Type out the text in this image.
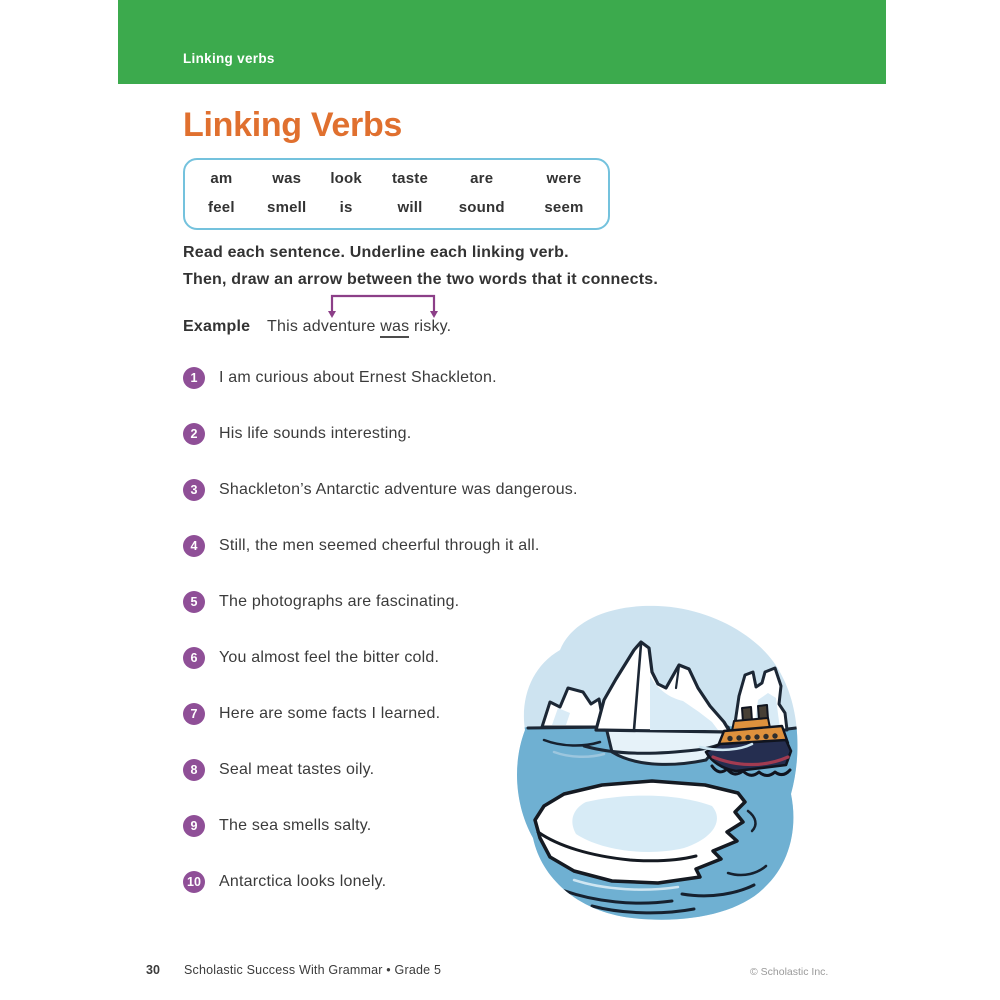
Linking verbs
Linking Verbs
am	was	look	taste	are	were
feel	smell	is	will	sound	seem
Read each sentence. Underline each linking verb.
Then, draw an arrow between the two words that it connects.
Example This adventure was risky.
1	I am curious about Ernest Shackleton.
2	His life sounds interesting.
3	Shackleton’s Antarctic adventure was dangerous.
4	Still, the men seemed cheerful through it all.
5	The photographs are fascinating.
6	You almost feel the bitter cold.
7	Here are some facts I learned.
8	Seal meat tastes oily.
9	The sea smells salty.
10 Antarctica looks lonely.
30 Scholastic Success With Grammar • Grade 5	© Scholastic Inc.
